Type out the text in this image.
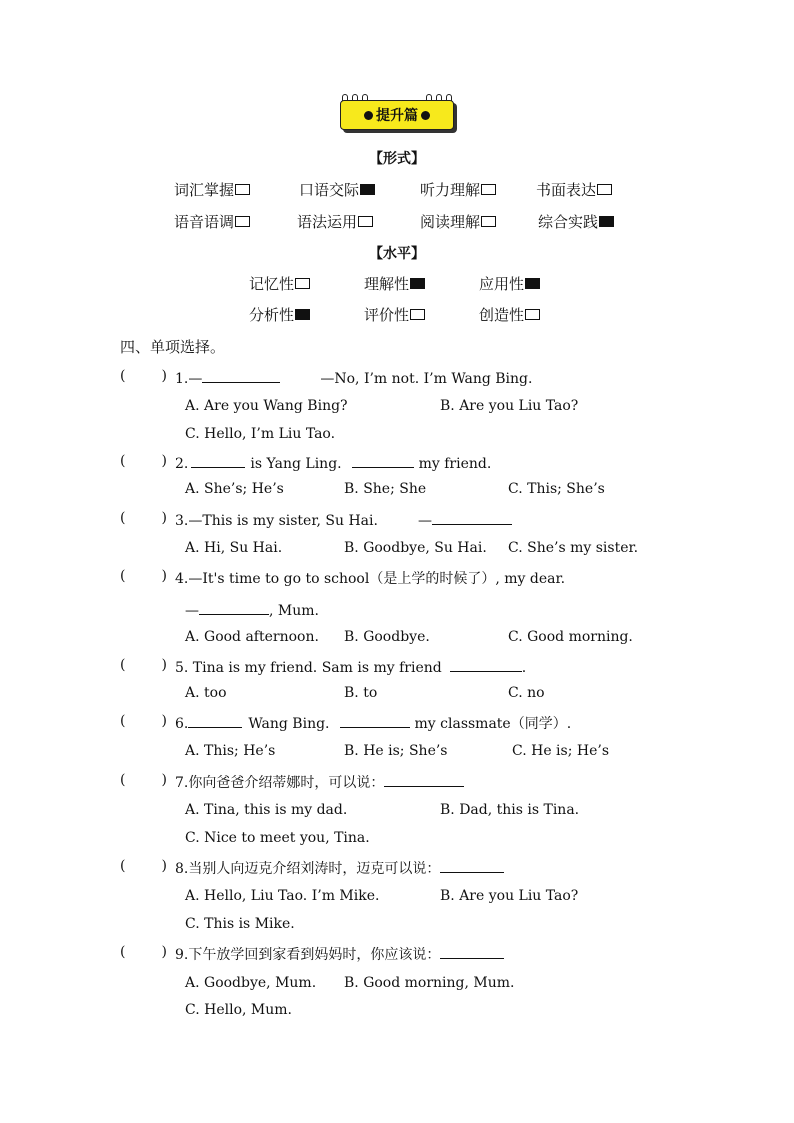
提升篇
【形式】
词汇掌握	口语交际	听力理解	书面表达
语音语调	语法运用	阅读理解	综合实践
【水平】
记忆性	理解性	应用性
分析性	评价性	创造性
四、单项选择。
(	) 1.—	—No, I’m not. I’m Wang Bing.
A. Are you Wang Bing?	B. Are you Liu Tao?
C. Hello, I’m Liu Tao.
(	) 2.	is Yang Ling.	my friend.
A. She’s; He’s	B. She; She	C. This; She’s
(	) 3.—This is my sister, Su Hai.	—
A. Hi, Su Hai.	B. Goodbye, Su Hai. C. She’s my sister.
(	) 4.—It's time to go to school（是上学的时候了）, my dear.
—	, Mum.
A. Good afternoon. B. Goodbye.	C. Good morning.
(	) 5. Tina is my friend. Sam is my friend	.
A. too	B. to	C. no
(	) 6.	Wang Bing.	my classmate（同学）.
A. This; He’s	B. He is; She’s	C. He is; He’s
(	) 7.你向爸爸介绍蒂娜时，可以说：
A. Tina, this is my dad.	B. Dad, this is Tina.
C. Nice to meet you, Tina.
(	) 8.当别人向迈克介绍刘涛时，迈克可以说：
A. Hello, Liu Tao. I’m Mike.	B. Are you Liu Tao?
C. This is Mike.
(	) 9.下午放学回到家看到妈妈时，你应该说：
A. Goodbye, Mum. B. Good morning, Mum.
C. Hello, Mum.
